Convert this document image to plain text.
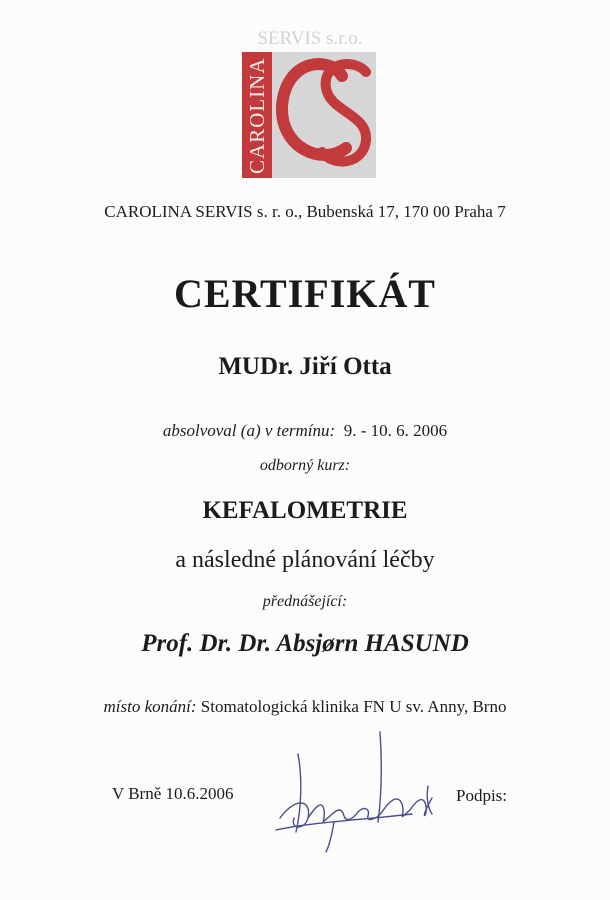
SERVIS s.r.o.
CAROLINA
CAROLINA SERVIS s. r. o., Bubenská 17, 170 00 Praha 7
CERTIFIKÁT
MUDr. Jiří Otta
absolvoval (a) v termínu: 9. - 10. 6. 2006
odborný kurz:
KEFALOMETRIE
a následné plánování léčby
přednášející:
Prof. Dr. Dr. Absjørn HASUND
místo konání: Stomatologická klinika FN U sv. Anny, Brno
V Brně 10.6.2006	Podpis:
